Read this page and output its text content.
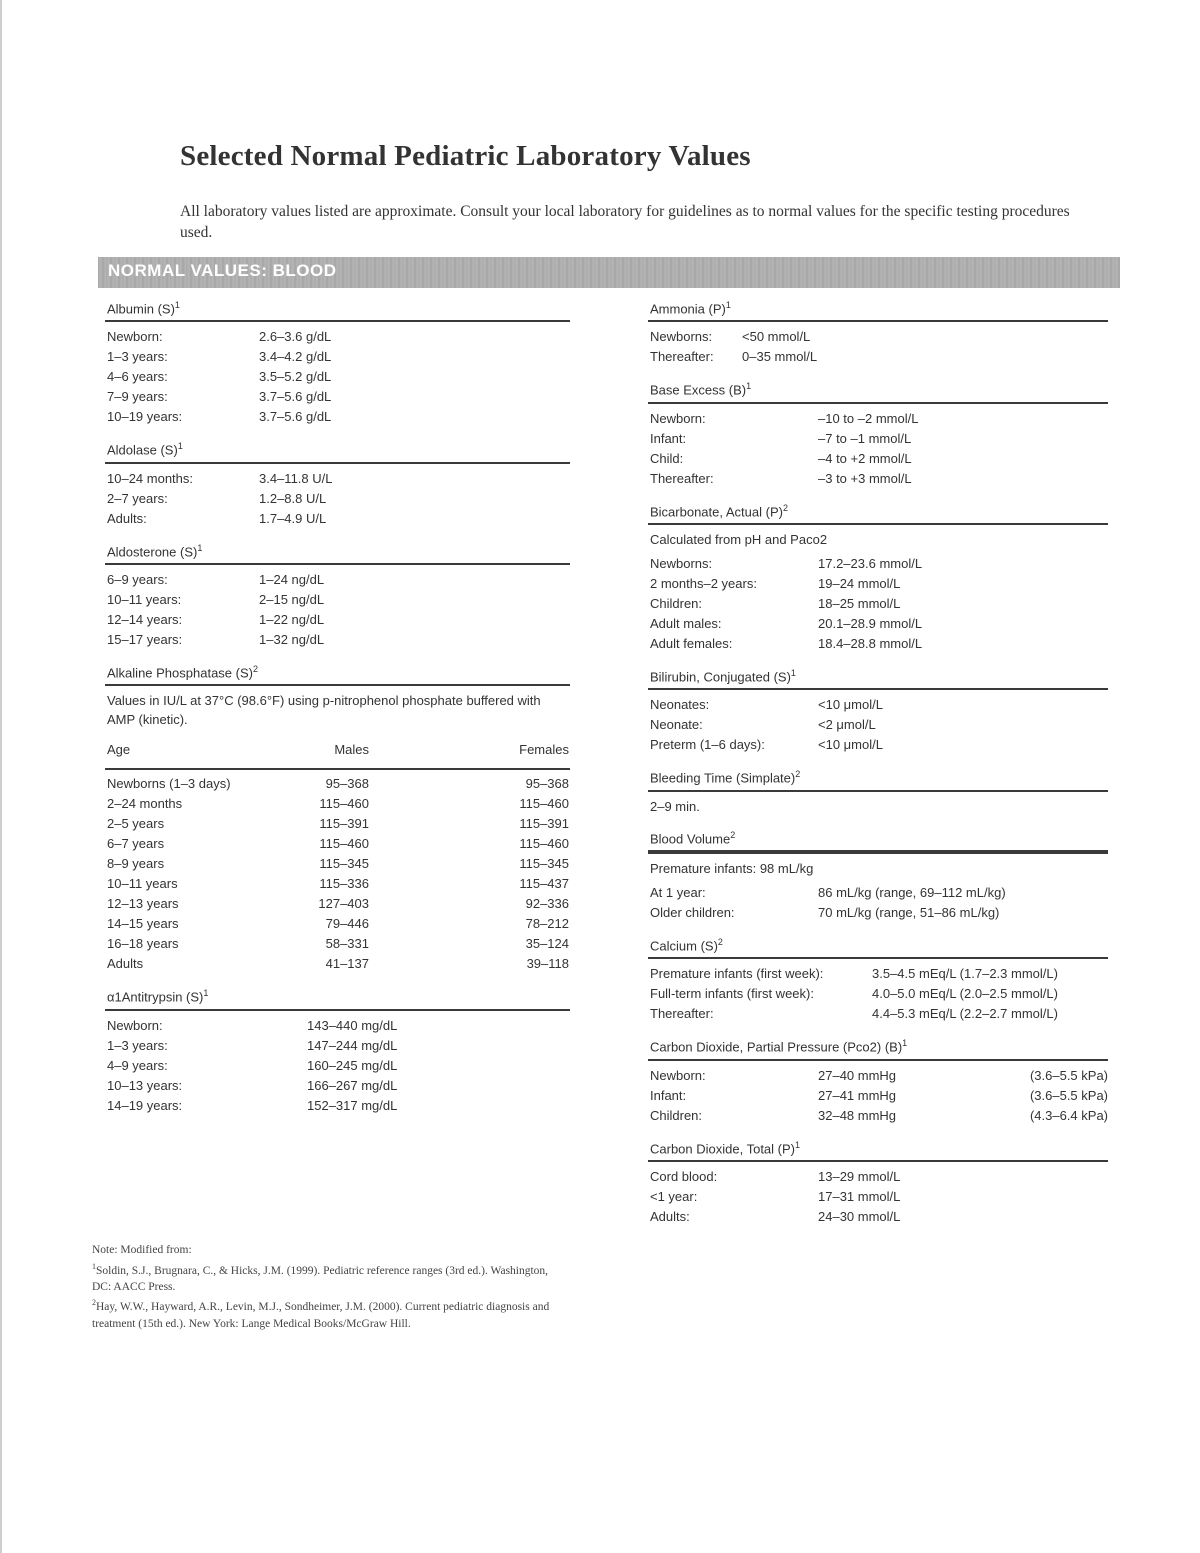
Selected Normal Pediatric Laboratory Values
All laboratory values listed are approximate. Consult your local laboratory for guidelines as to normal values for the specific testing procedures used.
NORMAL VALUES: BLOOD
Albumin $(S)^1$
Newborn:	2.6–3.6 g/dL
1–3 years:	3.4–4.2 g/dL
4–6 years:	3.5–5.2 g/dL
7–9 years:	3.7–5.6 g/dL
10–19 years:	3.7–5.6 g/dL
Aldolase $(S)^1$
10–24 months:	3.4–11.8 U/L
2–7 years:	1.2–8.8 U/L
Adults:	1.7–4.9 U/L
Aldosterone $(S)^1$
6–9 years:	1–24 ng/dL
10–11 years:	2–15 ng/dL
12–14 years:	1–22 ng/dL
15–17 years:	1–32 ng/dL
Alkaline Phosphatase $(S)^2$
Values in IU/L at 37°C (98.6°F) using p-nitrophenol phosphate buffered with AMP (kinetic).
Age	Males	Females
Newborns (1–3 days)	95–368	95–368
2–24 months	115–460	115–460
2–5 years	115–391	115–391
6–7 years	115–460	115–460
8–9 years	115–345	115–345
10–11 years	115–336	115–437
12–13 years	127–403	92–336
14–15 years	79–446	78–212
16–18 years	58–331	35–124
Adults	41–137	39–118
α1Antitrypsin $(S)^1$
Newborn:	143–440 mg/dL
1–3 years:	147–244 mg/dL
4–9 years:	160–245 mg/dL
10–13 years:	166–267 mg/dL
14–19 years:	152–317 mg/dL
Ammonia $(P)^1$
Newborns:	<50 mmol/L
Thereafter:	0–35 mmol/L
Base Excess $(B)^1$
Newborn:	–10 to –2 mmol/L
Infant:	–7 to –1 mmol/L
Child:	–4 to +2 mmol/L
Thereafter:	–3 to +3 mmol/L
Bicarbonate, Actual $(P)^2$
Calculated from pH and Paco2
Newborns:	17.2–23.6 mmol/L
2 months–2 years:	19–24 mmol/L
Children:	18–25 mmol/L
Adult males:	20.1–28.9 mmol/L
Adult females:	18.4–28.8 mmol/L
Bilirubin, Conjugated $(S)^1$
Neonates:	<10 μmol/L
Neonate:	<2 μmol/L
Preterm (1–6 days):	<10 μmol/L
Bleeding Time (Simplate)$^2$
2–9 min.
Blood Volume$^2$
Premature infants: 98 mL/kg
At 1 year:	86 mL/kg (range, 69–112 mL/kg)
Older children:	70 mL/kg (range, 51–86 mL/kg)
Calcium $(S)^2$
Premature infants (first week):	3.5–4.5 mEq/L (1.7–2.3 mmol/L)
Full-term infants (first week):	4.0–5.0 mEq/L (2.0–2.5 mmol/L)
Thereafter:	4.4–5.3 mEq/L (2.2–2.7 mmol/L)
Carbon Dioxide, Partial Pressure (Pco2) $(B)^1$
Newborn:	27–40 mmHg	(3.6–5.5 kPa)
Infant:	27–41 mmHg	(3.6–5.5 kPa)
Children:	32–48 mmHg	(4.3–6.4 kPa)
Carbon Dioxide, Total $(P)^1$
Cord blood:	13–29 mmol/L
<1 year:	17–31 mmol/L
Adults:	24–30 mmol/L

Note: Modified from:

$^1$Soldin, S.J., Brugnara, C., & Hicks, J.M. (1999). Pediatric reference ranges (3rd ed.). Washington, DC: AACC Press.

$^2$Hay, W.W., Hayward, A.R., Levin, M.J., Sondheimer, J.M. (2000). Current pediatric diagnosis and treatment (15th ed.). New York: Lange Medical Books/McGraw Hill.
